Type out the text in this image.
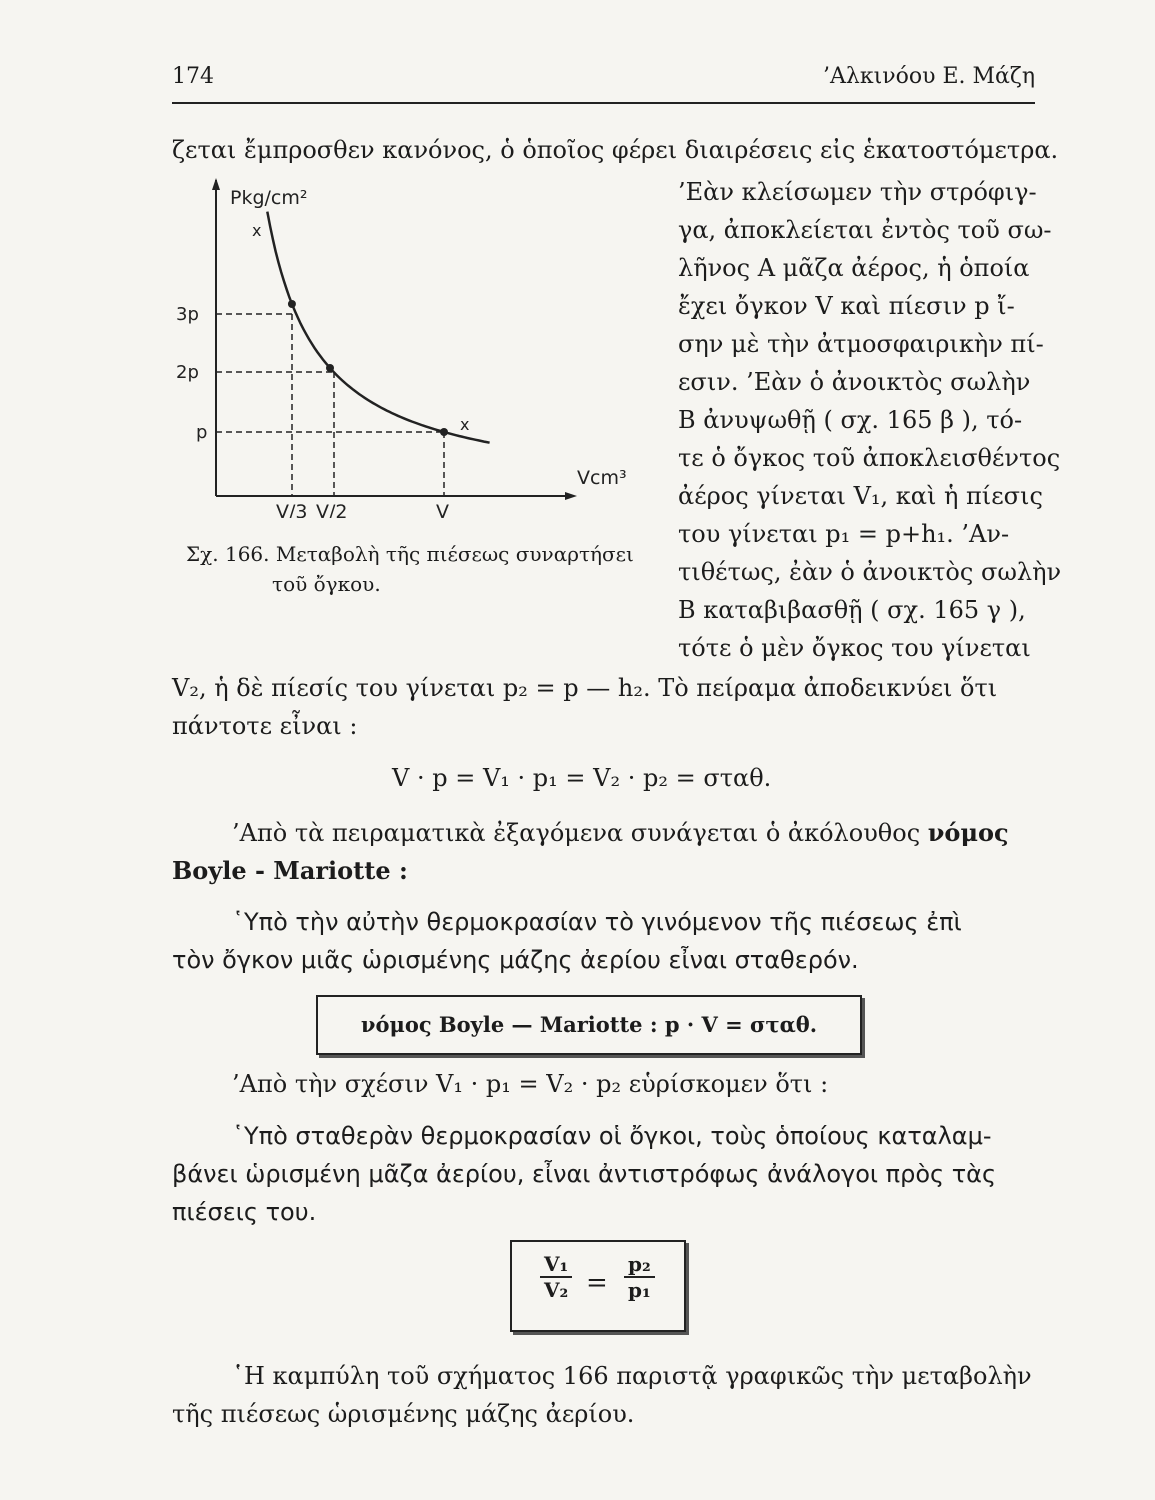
174	’Αλκινόου Ε. Μάζη
ζεται ἔμπροσθεν κανόνος, ὁ ὁποῖος φέρει διαιρέσεις εἰς ἑκατοστόμετρα.
Pkg/cm²
Vcm³
3p
2p
p
V/3 V/2	V
x
x
Σχ. 166. Μεταβολὴ τῆς πιέσεως συναρτήσει
τοῦ ὄγκου.
’Εὰν κλείσωμεν τὴν στρόφιγ-
γα, ἀποκλείεται ἐντὸς τοῦ σω-
λῆνος Α μᾶζα ἀέρος, ἡ ὁποία
ἔχει ὄγκον V καὶ πίεσιν p ἴ-
σην μὲ τὴν ἀτμοσφαιρικὴν πί-
εσιν. ’Εὰν ὁ ἀνοικτὸς σωλὴν
Β ἀνυψωθῇ ( σχ. 165 β ), τό-
τε ὁ ὄγκος τοῦ ἀποκλεισθέντος
ἀέρος γίνεται V₁, καὶ ἡ πίεσις
του γίνεται p₁ = p+h₁. ’Αν-
τιθέτως, ἐὰν ὁ ἀνοικτὸς σωλὴν
Β καταβιβασθῇ ( σχ. 165 γ ),
τότε ὁ μὲν ὄγκος του γίνεται
V₂, ἡ δὲ πίεσίς του γίνεται p₂ = p — h₂. Τὸ πείραμα ἀποδεικνύει ὅτι
πάντοτε εἶναι :
V · p = V₁ · p₁ = V₂ · p₂ = σταθ.
’Απὸ τὰ πειραματικὰ ἐξαγόμενα συνάγεται ὁ ἀκόλουθος νόμος
Boyle - Mariotte :
῾Υπὸ τὴν αὐτὴν θερμοκρασίαν τὸ γινόμενον τῆς πιέσεως ἐπὶ
τὸν ὄγκον μιᾶς ὡρισμένης μάζης ἀερίου εἶναι σταθερόν.
νόμος Boyle — Mariotte : p · V = σταθ.
’Απὸ τὴν σχέσιν V₁ · p₁ = V₂ · p₂ εὑρίσκομεν ὅτι :
῾Υπὸ σταθερὰν θερμοκρασίαν οἱ ὄγκοι, τοὺς ὁποίους καταλαμ-
βάνει ὡρισμένη μᾶζα ἀερίου, εἶναι ἀντιστρόφως ἀνάλογοι πρὸς τὰς
πιέσεις του.
$\frac{\text{V₁}}{\text{V₂}} = \frac{\text{p₂}}{\text{p₁}}$
῾Η καμπύλη τοῦ σχήματος 166 παριστᾷ γραφικῶς τὴν μεταβολὴν
τῆς πιέσεως ὡρισμένης μάζης ἀερίου.
